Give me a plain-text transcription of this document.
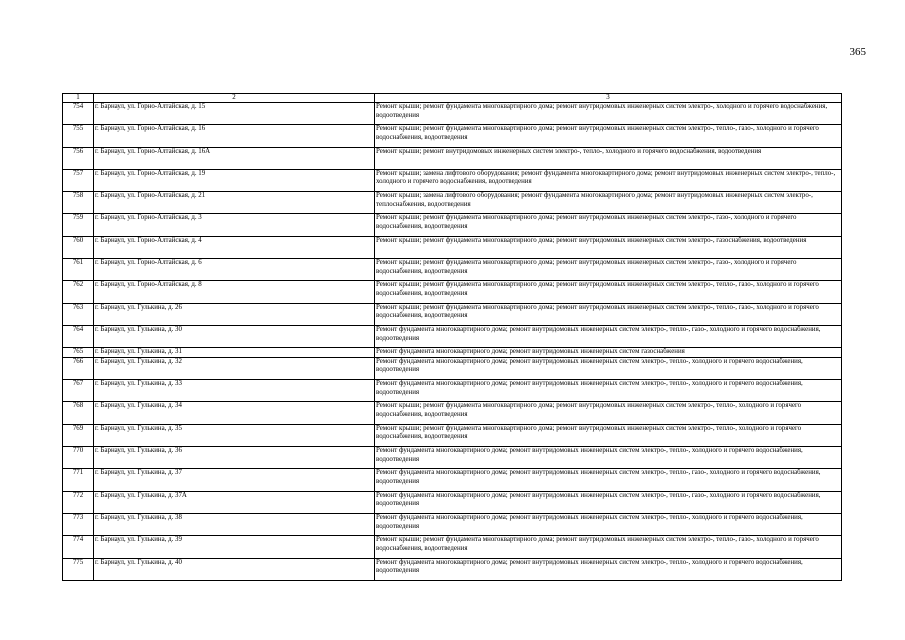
365
1	2	3
754	г. Барнаул, ул. Горно-Алтайская, д. 15	Ремонт крыши; ремонт фундамента многоквартирного дома; ремонт внутридомовых инженерных систем электро-, холодного и горячего водоснабжения, водоотведения
755	г. Барнаул, ул. Горно-Алтайская, д. 16	Ремонт крыши; ремонт фундамента многоквартирного дома; ремонт внутридомовых инженерных систем электро-, тепло-, газо-, холодного и горячего водоснабжения, водоотведения
756	г. Барнаул, ул. Горно-Алтайская, д. 16А	Ремонт крыши; ремонт внутридомовых инженерных систем электро-, тепло-, холодного и горячего водоснабжения, водоотведения
757	г. Барнаул, ул. Горно-Алтайская, д. 19	Ремонт крыши; замена лифтового оборудования; ремонт фундамента многоквартирного дома; ремонт внутридомовых инженерных систем электро-, тепло-, холодного и горячего водоснабжения, водоотведения
758	г. Барнаул, ул. Горно-Алтайская, д. 21	Ремонт крыши; замена лифтового оборудования; ремонт фундамента многоквартирного дома; ремонт внутридомовых инженерных систем электро-, теплоснабжения, водоотведения
759	г. Барнаул, ул. Горно-Алтайская, д. 3	Ремонт крыши; ремонт фундамента многоквартирного дома; ремонт внутридомовых инженерных систем электро-, газо-, холодного и горячего водоснабжения, водоотведения
760	г. Барнаул, ул. Горно-Алтайская, д. 4	Ремонт крыши; ремонт фундамента многоквартирного дома; ремонт внутридомовых инженерных систем электро-, газоснабжения, водоотведения
761	г. Барнаул, ул. Горно-Алтайская, д. 6	Ремонт крыши; ремонт фундамента многоквартирного дома; ремонт внутридомовых инженерных систем электро-, газо-, холодного и горячего водоснабжения, водоотведения
762	г. Барнаул, ул. Горно-Алтайская, д. 8	Ремонт крыши; ремонт фундамента многоквартирного дома; ремонт внутридомовых инженерных систем электро-, тепло-, газо-, холодного и горячего водоснабжения, водоотведения
763	г. Барнаул, ул. Гулькина, д. 26	Ремонт крыши; ремонт фундамента многоквартирного дома; ремонт внутридомовых инженерных систем электро-, тепло-, газо-, холодного и горячего водоснабжения, водоотведения
764	г. Барнаул, ул. Гулькина, д. 30	Ремонт фундамента многоквартирного дома; ремонт внутридомовых инженерных систем электро-, тепло-, газо-, холодного и горячего водоснабжения, водоотведения
765	г. Барнаул, ул. Гулькина, д. 31	Ремонт фундамента многоквартирного дома; ремонт внутридомовых инженерных систем газоснабжения
766	г. Барнаул, ул. Гулькина, д. 32	Ремонт фундамента многоквартирного дома; ремонт внутридомовых инженерных систем электро-, тепло-, холодного и горячего водоснабжения, водоотведения
767	г. Барнаул, ул. Гулькина, д. 33	Ремонт фундамента многоквартирного дома; ремонт внутридомовых инженерных систем электро-, тепло-, холодного и горячего водоснабжения, водоотведения
768	г. Барнаул, ул. Гулькина, д. 34	Ремонт крыши; ремонт фундамента многоквартирного дома; ремонт внутридомовых инженерных систем электро-, тепло-, холодного и горячего водоснабжения, водоотведения
769	г. Барнаул, ул. Гулькина, д. 35	Ремонт крыши; ремонт фундамента многоквартирного дома; ремонт внутридомовых инженерных систем электро-, тепло-, холодного и горячего водоснабжения, водоотведения
770	г. Барнаул, ул. Гулькина, д. 36	Ремонт фундамента многоквартирного дома; ремонт внутридомовых инженерных систем электро-, тепло-, холодного и горячего водоснабжения, водоотведения
771	г. Барнаул, ул. Гулькина, д. 37	Ремонт фундамента многоквартирного дома; ремонт внутридомовых инженерных систем электро-, тепло-, газо-, холодного и горячего водоснабжения, водоотведения
772	г. Барнаул, ул. Гулькина, д. 37А	Ремонт фундамента многоквартирного дома; ремонт внутридомовых инженерных систем электро-, тепло-, газо-, холодного и горячего водоснабжения, водоотведения
773	г. Барнаул, ул. Гулькина, д. 38	Ремонт фундамента многоквартирного дома; ремонт внутридомовых инженерных систем электро-, тепло-, холодного и горячего водоснабжения, водоотведения
774	г. Барнаул, ул. Гулькина, д. 39	Ремонт крыши; ремонт фундамента многоквартирного дома; ремонт внутридомовых инженерных систем электро-, тепло-, газо-, холодного и горячего водоснабжения, водоотведения
775	г. Барнаул, ул. Гулькина, д. 40	Ремонт фундамента многоквартирного дома; ремонт внутридомовых инженерных систем электро-, тепло-, холодного и горячего водоснабжения, водоотведения
